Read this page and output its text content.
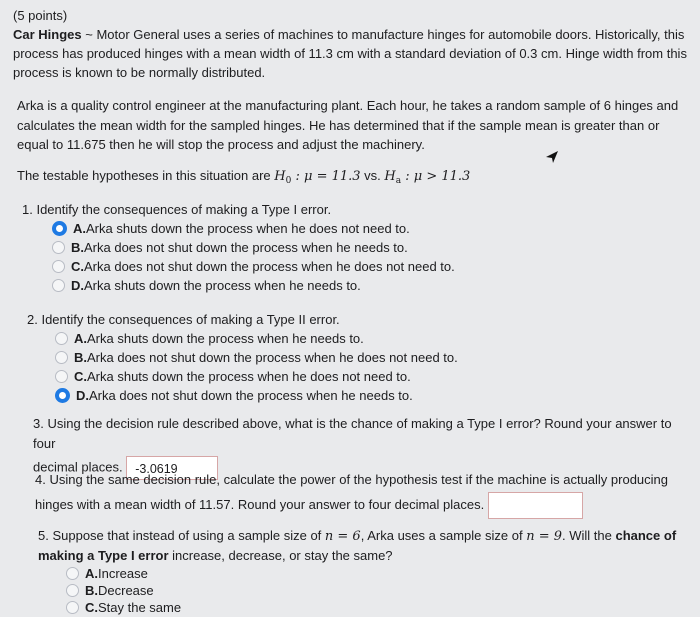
(5 points)
Car Hinges ~ Motor General uses a series of machines to manufacture hinges for automobile doors. Historically, this process has produced hinges with a mean width of 11.3 cm with a standard deviation of 0.3 cm. Hinge width from this process is known to be normally distributed.
Arka is a quality control engineer at the manufacturing plant. Each hour, he takes a random sample of 6 hinges and calculates the mean width for the sampled hinges. He has determined that if the sample mean is greater than or equal to 11.675 then he will stop the process and adjust the machinery.
The testable hypotheses in this situation are $H_0$ : μ = 11.3 vs. $H_a$ : μ > 11.3
1. Identify the consequences of making a Type I error.
A. Arka shuts down the process when he does not need to.
B. Arka does not shut down the process when he needs to.
C. Arka does not shut down the process when he does not need to.
D. Arka shuts down the process when he needs to.
2. Identify the consequences of making a Type II error.
A. Arka shuts down the process when he needs to.
B. Arka does not shut down the process when he does not need to.
C. Arka shuts down the process when he does not need to.
D. Arka does not shut down the process when he needs to.
3. Using the decision rule described above, what is the chance of making a Type I error? Round your answer to four
decimal places. -3.0619
4. Using the same decision rule, calculate the power of the hypothesis test if the machine is actually producing
hinges with a mean width of 11.57. Round your answer to four decimal places.
5. Suppose that instead of using a sample size of n = 6, Arka uses a sample size of n = 9. Will the chance of
making a Type I error increase, decrease, or stay the same?
A. Increase
B. Decrease
C. Stay the same
